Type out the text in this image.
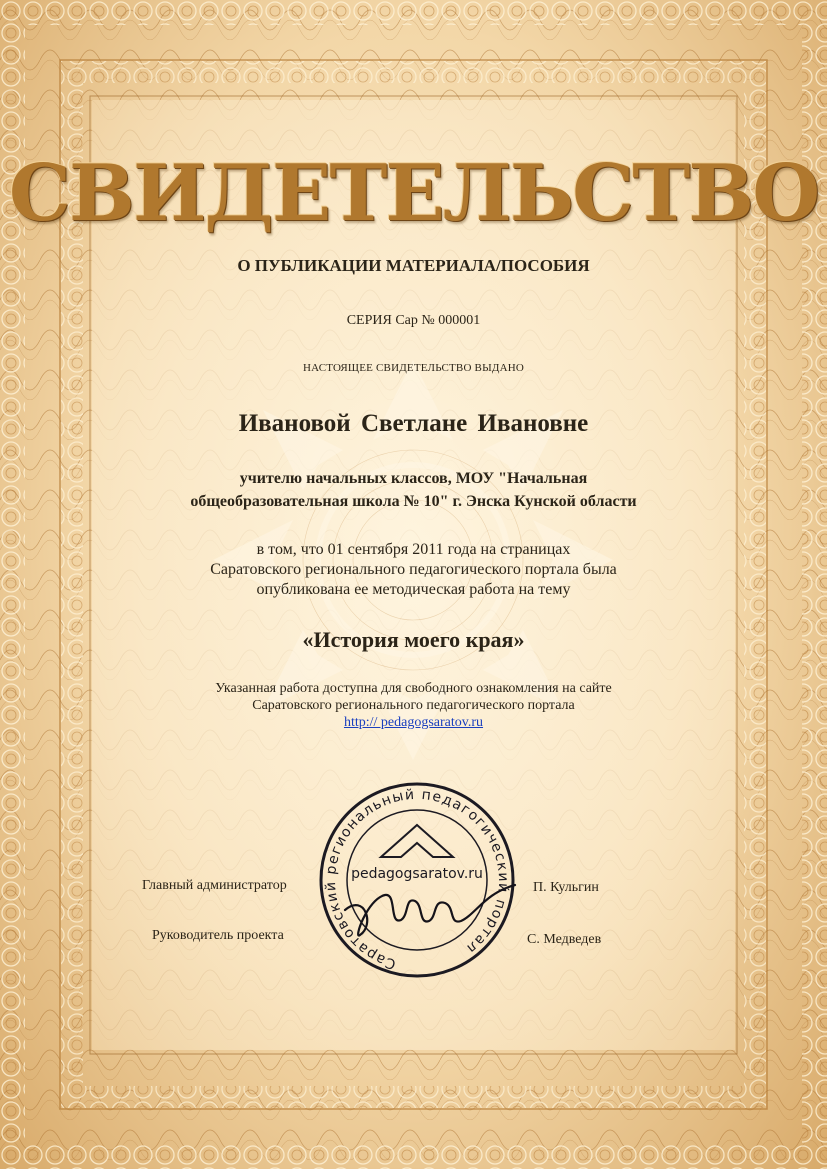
СВИДЕТЕЛЬСТВО
О ПУБЛИКАЦИИ МАТЕРИАЛА/ПОСОБИЯ
СЕРИЯ Сар № 000001
НАСТОЯЩЕЕ СВИДЕТЕЛЬСТВО ВЫДАНО
Ивановой Светлане Ивановне
учителю начальных классов, МОУ "Начальная
общеобразовательная школа № 10" г. Энска Кунской области
в том, что 01 сентября 2011 года на страницах
Саратовского регионального педагогического портала была
опубликована ее методическая работа на тему
«История моего края»
Указанная работа доступна для свободного ознакомления на сайте
Саратовского регионального педагогического портала
http:// pedagogsaratov.ru
Главный администратор	П. Кульгин
Руководитель проекта	С. Медведев
Саратовский региональный педагогический портал
pedagogsaratov.ru
